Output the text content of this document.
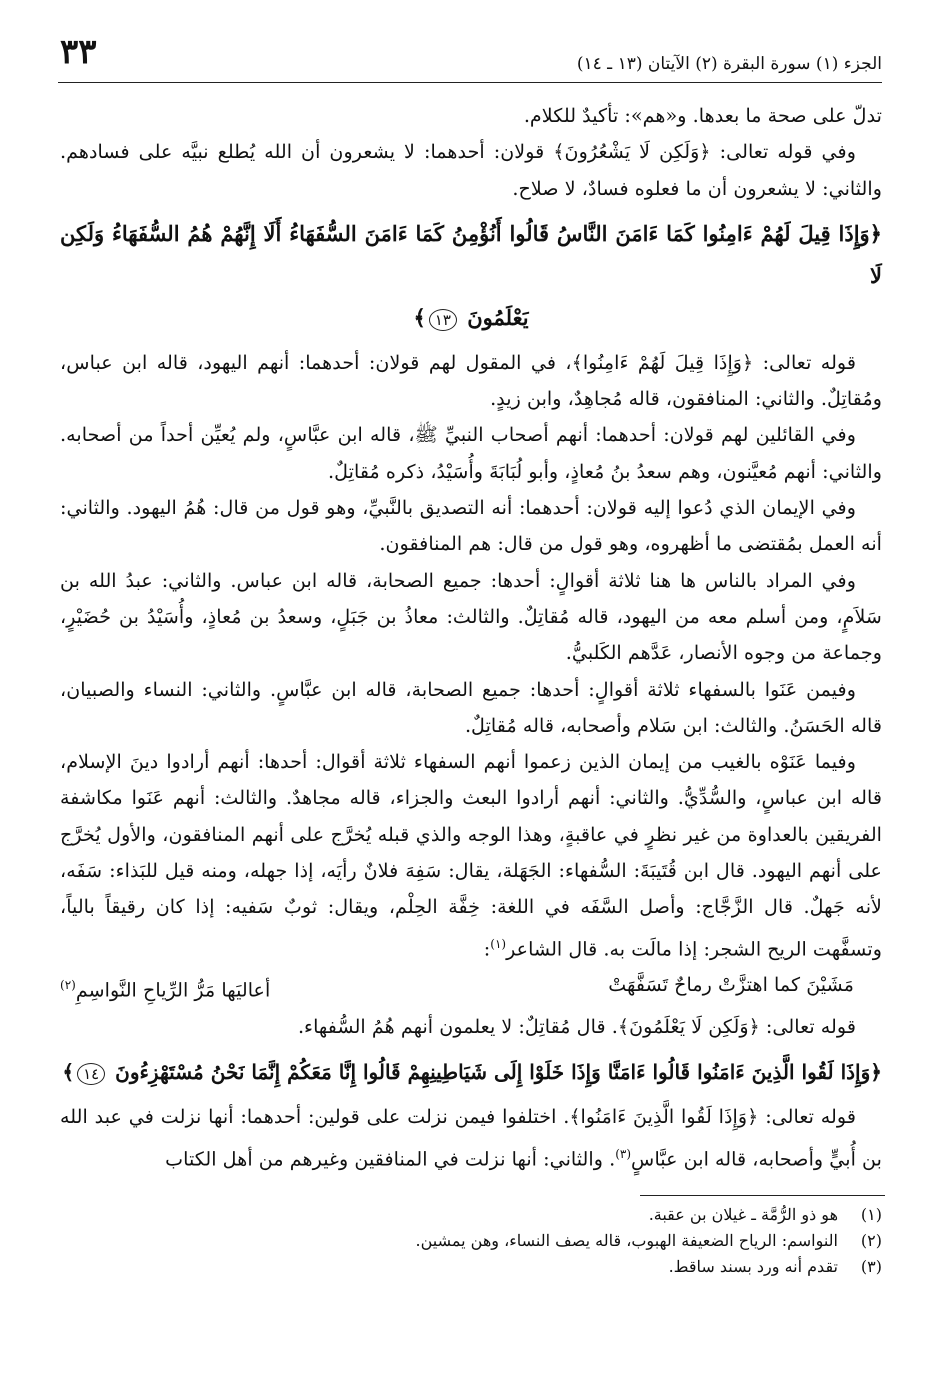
٣٣	الجزء (١) سورة البقرة (٢) الآيتان (١٣ ـ ١٤)

تدلّ على صحة ما بعدها. و«هم»: تأكيدٌ للكلام.

وفي قوله تعالى: ﴿وَلَكِن لَا يَشْعُرُونَ﴾ قولان: أحدهما: لا يشعرون أن الله يُطلع نبيَّه على فسادهم. والثاني: لا يشعرون أن ما فعلوه فسادٌ، لا صلاح.

﴿وَإِذَا قِيلَ لَهُمْ ءَامِنُوا كَمَا ءَامَنَ النَّاسُ قَالُوا أَنُؤْمِنُ كَمَا ءَامَنَ السُّفَهَاءُ أَلَا إِنَّهُمْ هُمُ السُّفَهَاءُ وَلَكِن لَا
يَعْلَمُونَ ١٣﴾

قوله تعالى: ﴿وَإِذَا قِيلَ لَهُمْ ءَامِنُوا﴾، في المقول لهم قولان: أحدهما: أنهم اليهود، قاله ابن عباس، ومُقاتِلٌ. والثاني: المنافقون، قاله مُجاهِدٌ، وابن زيدٍ.

وفي القائلين لهم قولان: أحدهما: أنهم أصحاب النبيِّ ﷺ، قاله ابن عبَّاسٍ، ولم يُعيِّن أحداً من أصحابه. والثاني: أنهم مُعيَّنون، وهم سعدُ بنُ مُعاذٍ، وأبو لُبَابَةَ وأُسَيْدُ، ذكره مُقاتِلٌ.

وفي الإيمان الذي دُعوا إليه قولان: أحدهما: أنه التصديق بالنَّبيِّ، وهو قول من قال: هُمُ اليهود. والثاني: أنه العمل بمُقتضى ما أظهروه، وهو قول من قال: هم المنافقون.

وفي المراد بالناس ها هنا ثلاثة أقوالٍ: أحدها: جميع الصحابة، قاله ابن عباس. والثاني: عبدُ الله بن سَلاَمٍ، ومن أسلم معه من اليهود، قاله مُقاتِلٌ. والثالث: معاذُ بن جَبَلٍ، وسعدُ بن مُعاذٍ، وأُسَيْدُ بن حُضَيْرٍ، وجماعة من وجوه الأنصار، عَدَّهم الكَلبيُّ.

وفيمن عَنَوا بالسفهاء ثلاثة أقوالٍ: أحدها: جميع الصحابة، قاله ابن عبَّاسٍ. والثاني: النساء والصبيان، قاله الحَسَنُ. والثالث: ابن سَلام وأصحابه، قاله مُقاتِلٌ.

وفيما عَنَوْه بالغيب من إيمان الذين زعموا أنهم السفهاء ثلاثة أقوال: أحدها: أنهم أرادوا دينَ الإسلام، قاله ابن عباسٍ، والسُّدِّيُّ. والثاني: أنهم أرادوا البعث والجزاء، قاله مجاهدٌ. والثالث: أنهم عَنَوا مكاشفة الفريقين بالعداوة من غير نظرٍ في عاقبةٍ، وهذا الوجه والذي قبله يُخرَّج على أنهم المنافقون، والأول يُخرَّج على أنهم اليهود. قال ابن قُتَيبَةَ: السُّفهاء: الجَهَلة، يقال: سَفِهَ فلانٌ رأيَه، إذا جهله، ومنه قيل للبَذاء: سَفَه، لأنه جَهلٌ. قال الزَّجَّاج: وأصل السَّفَه في اللغة: خِفَّة الحِلْم، ويقال: ثوبٌ سَفيه: إذا كان رقيقاً بالياً، وتسفَّهت الريح الشجر: إذا مالَت به. قال الشاعر$^{(١)}$:

مَشَيْنَ كما اهتزَّتْ رماحٌ تَسَفَّهَتْ
أعاليَها مَرُّ الرِّياحِ النَّواسِمِ$^{(٢)}$

قوله تعالى: ﴿وَلَكِن لَا يَعْلَمُونَ﴾. قال مُقاتِلٌ: لا يعلمون أنهم هُمُ السُّفهاء.

﴿وَإِذَا لَقُوا الَّذِينَ ءَامَنُوا قَالُوا ءَامَنَّا وَإِذَا خَلَوْا إِلَى شَيَاطِينِهِمْ قَالُوا إِنَّا مَعَكُمْ إِنَّمَا نَحْنُ مُسْتَهْزِءُونَ ١٤﴾

قوله تعالى: ﴿وَإِذَا لَقُوا الَّذِينَ ءَامَنُوا﴾. اختلفوا فيمن نزلت على قولين: أحدهما: أنها نزلت في عبد الله بن أُبيٍّ وأصحابه، قاله ابن عبَّاسٍ$^{(٣)}$. والثاني: أنها نزلت في المنافقين وغيرهم من أهل الكتاب

(١)هو ذو الرُّمَّة ـ غيلان بن عقبة.

(٢)النواسم: الرياح الضعيفة الهبوب، قاله يصف النساء، وهن يمشين.

(٣)تقدم أنه ورد بسند ساقط.
